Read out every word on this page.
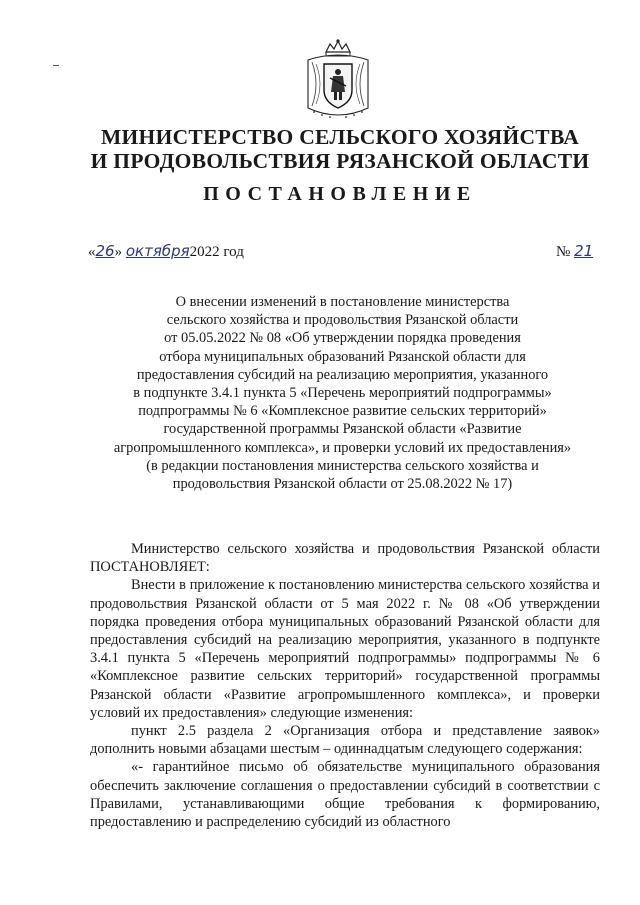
МИНИСТЕРСТВО СЕЛЬСКОГО ХОЗЯЙСТВА
И ПРОДОВОЛЬСТВИЯ РЯЗАНСКОЙ ОБЛАСТИ
ПОСТАНОВЛЕНИЕ
«26» октября2022 год	№ 21
О внесении изменений в постановление министерства
сельского хозяйства и продовольствия Рязанской области
от 05.05.2022 № 08 «Об утверждении порядка проведения
отбора муниципальных образований Рязанской области для
предоставления субсидий на реализацию мероприятия, указанного
в подпункте 3.4.1 пункта 5 «Перечень мероприятий подпрограммы»
подпрограммы № 6 «Комплексное развитие сельских территорий»
государственной программы Рязанской области «Развитие
агропромышленного комплекса», и проверки условий их предоставления»
(в редакции постановления министерства сельского хозяйства и
продовольствия Рязанской области от 25.08.2022 № 17)

Министерство сельского хозяйства и продовольствия Рязанской области ПОСТАНОВЛЯЕТ:

Внести в приложение к постановлению министерства сельского хозяйства и продовольствия Рязанской области от 5 мая 2022 г. № 08 «Об утверждении порядка проведения отбора муниципальных образований Рязанской области для предоставления субсидий на реализацию мероприятия, указанного в подпункте 3.4.1 пункта 5 «Перечень мероприятий подпрограммы» подпрограммы № 6 «Комплексное развитие сельских территорий» государственной программы Рязанской области «Развитие агропромышленного комплекса», и проверки условий их предоставления» следующие изменения:

пункт 2.5 раздела 2 «Организация отбора и представление заявок» дополнить новыми абзацами шестым – одиннадцатым следующего содержания:

«- гарантийное письмо об обязательстве муниципального образования обеспечить заключение соглашения о предоставлении субсидий в соответствии с Правилами, устанавливающими общие требования к формированию, предоставлению и распределению субсидий из областного
